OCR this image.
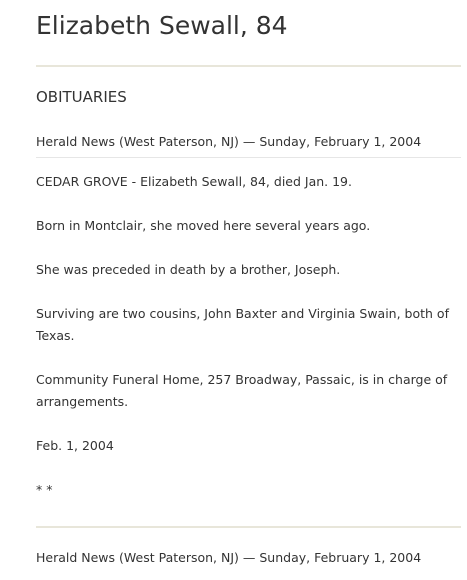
Elizabeth Sewall, 84
OBITUARIES

Herald News (West Paterson, NJ) — Sunday, February 1, 2004

CEDAR GROVE - Elizabeth Sewall, 84, died Jan. 19.

Born in Montclair, she moved here several years ago.

She was preceded in death by a brother, Joseph.

Surviving are two cousins, John Baxter and Virginia Swain, both of Texas.

Community Funeral Home, 257 Broadway, Passaic, is in charge of arrangements.

Feb. 1, 2004

* *

Herald News (West Paterson, NJ) — Sunday, February 1, 2004
